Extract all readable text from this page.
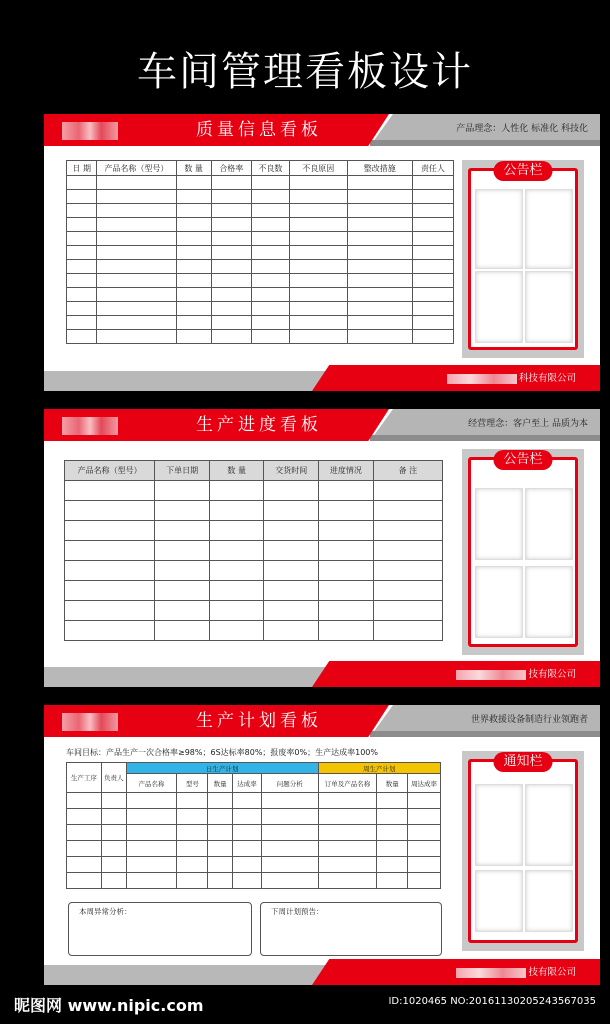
车间管理看板设计
质量信息看板	产品理念：人性化 标准化 科技化
日 期	产品名称（型号）	数 量	合格率	不良数	不良原因	整改措施	责任人

								公告栏
科技有限公司
生产进度看板	经营理念：客户至上 品质为本
产品名称（型号）	下单日期	数 量	交货时间	进度情况	备 注

公告栏
技有限公司
生产计划看板	世界救援设备制造行业领跑者
车间目标：产品生产一次合格率≥98%；6S达标率80%；报废率0%；生产达成率100%
生产工序	负责人	日生产计划					周生产计划		
		产品名称	型号	数量	达成率	问题分析	订单及产品名称	数量	周达成率

本周异常分析：	下周计划预告：
通知栏
技有限公司
昵图网 www.nipic.com	ID:1020465 NO:20161130205243567035
